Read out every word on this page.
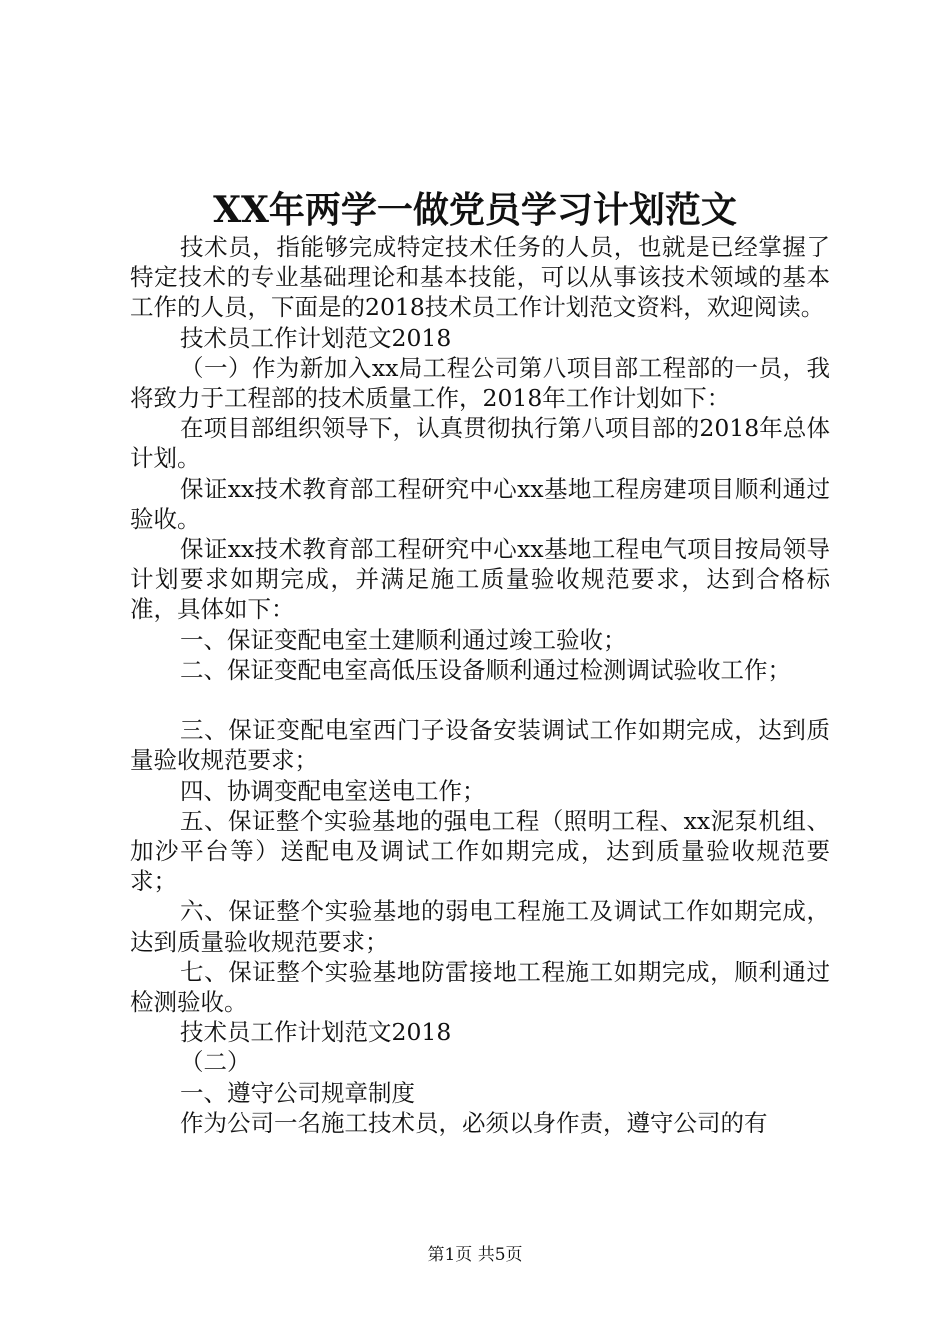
XX年两学一做党员学习计划范文

技术员，指能够完成特定技术任务的人员，也就是已经掌握了特定技术的专业基础理论和基本技能，可以从事该技术领域的基本工作的人员，下面是的2018技术员工作计划范文资料，欢迎阅读。

技术员工作计划范文2018

（一）作为新加入xx局工程公司第八项目部工程部的一员，我将致力于工程部的技术质量工作，2018年工作计划如下：

在项目部组织领导下，认真贯彻执行第八项目部的2018年总体计划。

保证xx技术教育部工程研究中心xx基地工程房建项目顺利通过验收。

保证xx技术教育部工程研究中心xx基地工程电气项目按局领导计划要求如期完成，并满足施工质量验收规范要求，达到合格标准，具体如下：

一、保证变配电室土建顺利通过竣工验收；

二、保证变配电室高低压设备顺利通过检测调试验收工作；

三、保证变配电室西门子设备安装调试工作如期完成，达到质量验收规范要求；

四、协调变配电室送电工作；

五、保证整个实验基地的强电工程（照明工程、xx泥泵机组、加沙平台等）送配电及调试工作如期完成，达到质量验收规范要求；

六、保证整个实验基地的弱电工程施工及调试工作如期完成，达到质量验收规范要求；

七、保证整个实验基地防雷接地工程施工如期完成，顺利通过检测验收。

技术员工作计划范文2018

（二）

一、遵守公司规章制度

作为公司一名施工技术员，必须以身作责，遵守公司的有

第1页 共5页
